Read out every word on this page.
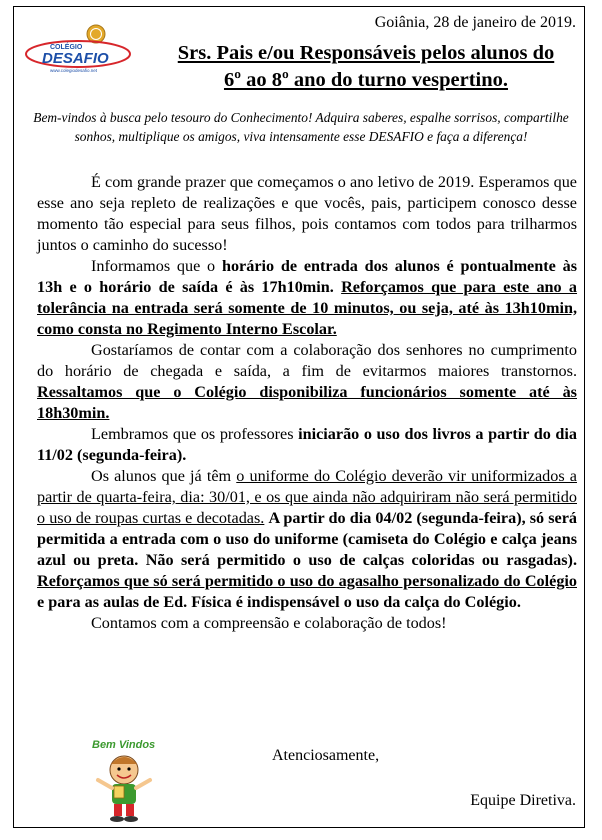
COLÉGIO
DESAFIO
www.colegiodesafio.net
Goiânia, 28 de janeiro de 2019.
Srs. Pais e/ou Responsáveis pelos alunos do
6º ao 8º ano do turno vespertino.
Bem-vindos à busca pelo tesouro do Conhecimento! Adquira saberes, espalhe sorrisos, compartilhe sonhos, multiplique os amigos, viva intensamente esse DESAFIO e faça a diferença!

É com grande prazer que começamos o ano letivo de 2019. Esperamos que esse ano seja repleto de realizações e que vocês, pais, participem conosco desse momento tão especial para seus filhos, pois contamos com todos para trilharmos juntos o caminho do sucesso!

Informamos que o horário de entrada dos alunos é pontualmente às 13h e o horário de saída é às 17h10min. Reforçamos que para este ano a tolerância na entrada será somente de 10 minutos, ou seja, até às 13h10min, como consta no Regimento Interno Escolar.

Gostaríamos de contar com a colaboração dos senhores no cumprimento do horário de chegada e saída, a fim de evitarmos maiores transtornos. Ressaltamos que o Colégio disponibiliza funcionários somente até às 18h30min.

Lembramos que os professores iniciarão o uso dos livros a partir do dia 11/02 (segunda-feira).

Os alunos que já têm o uniforme do Colégio deverão vir uniformizados a partir de quarta-feira, dia: 30/01, e os que ainda não adquiriram não será permitido o uso de roupas curtas e decotadas. A partir do dia 04/02 (segunda-feira), só será permitida a entrada com o uso do uniforme (camiseta do Colégio e calça jeans azul ou preta. Não será permitido o uso de calças coloridas ou rasgadas). Reforçamos que só será permitido o uso do agasalho personalizado do Colégio e para as aulas de Ed. Física é indispensável o uso da calça do Colégio.

Contamos com a compreensão e colaboração de todos!

Bem Vindos
Atenciosamente,
Equipe Diretiva.
